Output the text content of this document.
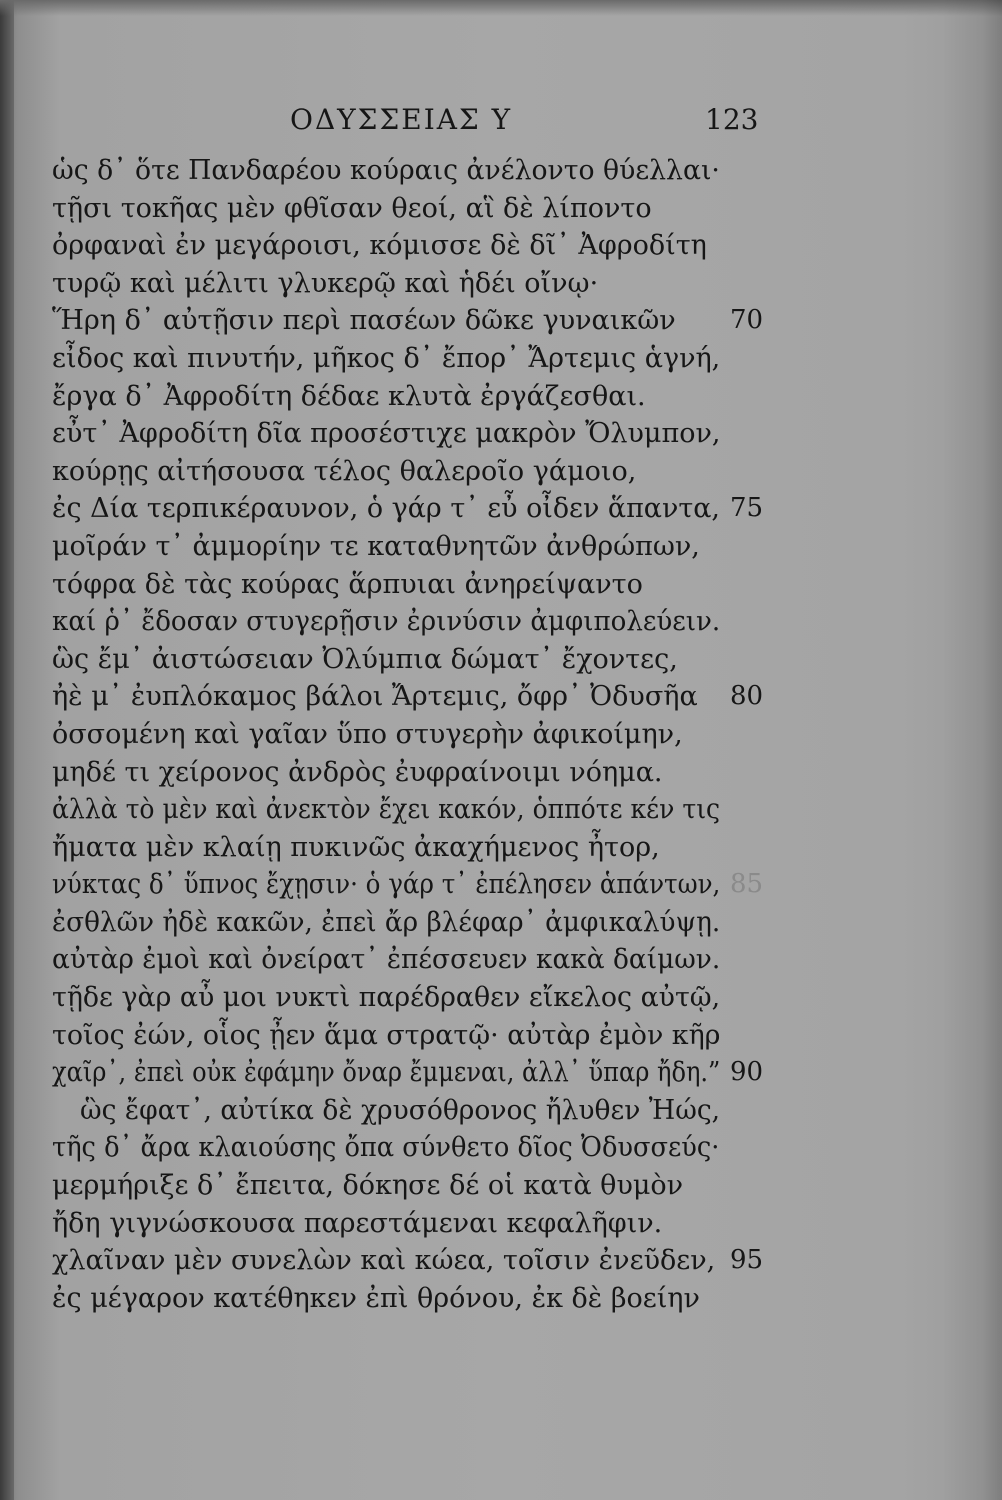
ΟΔΥΣΣΕΙΑΣ Υ	123
ὡς δ᾽ ὅτε Πανδαρέου κούραις ἀνέλοντο θύελλαι·
τῇσι τοκῆας μὲν φθῖσαν θεοί, αἳ δὲ λίποντο
ὀρφαναὶ ἐν μεγάροισι, κόμισσε δὲ δῖ᾽ Ἀφροδίτη
τυρῷ καὶ μέλιτι γλυκερῷ καὶ ἡδέι οἴνῳ·
Ἥρη δ᾽ αὐτῇσιν περὶ πασέων δῶκε γυναικῶν 70
εἶδος καὶ πινυτήν, μῆκος δ᾽ ἔπορ᾽ Ἄρτεμις ἁγνή,
ἔργα δ᾽ Ἀφροδίτη δέδαε κλυτὰ ἐργάζεσθαι.
εὖτ᾽ Ἀφροδίτη δῖα προσέστιχε μακρὸν Ὄλυμπον,
κούρῃς αἰτήσουσα τέλος θαλεροῖο γάμοιο,
ἐς Δία τερπικέραυνον, ὁ γάρ τ᾽ εὖ οἶδεν ἅπαντα, 75
μοῖράν τ᾽ ἀμμορίην τε καταθνητῶν ἀνθρώπων,
τόφρα δὲ τὰς κούρας ἅρπυιαι ἀνηρείψαντο
καί ῥ᾽ ἔδοσαν στυγερῇσιν ἐρινύσιν ἀμφιπολεύειν.
ὣς ἔμ᾽ ἀιστώσειαν Ὀλύμπια δώματ᾽ ἔχοντες,
ἠὲ μ᾽ ἐυπλόκαμος βάλοι Ἄρτεμις, ὄφρ᾽ Ὀδυσῆα 80
ὀσσομένη καὶ γαῖαν ὕπο στυγερὴν ἀφικοίμην,
μηδέ τι χείρονος ἀνδρὸς ἐυφραίνοιμι νόημα.
ἀλλὰ τὸ μὲν καὶ ἀνεκτὸν ἔχει κακόν, ὁππότε κέν τις
ἤματα μὲν κλαίῃ πυκινῶς ἀκαχήμενος ἦτορ,
νύκτας δ᾽ ὕπνος ἔχῃσιν· ὁ γάρ τ᾽ ἐπέλησεν ἁπάντων, 85
ἐσθλῶν ἠδὲ κακῶν, ἐπεὶ ἄρ βλέφαρ᾽ ἀμφικαλύψῃ.
αὐτὰρ ἐμοὶ καὶ ὀνείρατ᾽ ἐπέσσευεν κακὰ δαίμων.
τῇδε γὰρ αὖ μοι νυκτὶ παρέδραθεν εἴκελος αὐτῷ,
τοῖος ἐών, οἷος ᾖεν ἅμα στρατῷ· αὐτὰρ ἐμὸν κῆρ
χαῖρ᾽, ἐπεὶ οὐκ ἐφάμην ὄναρ ἔμμεναι, ἀλλ᾽ ὕπαρ ἤδη.” 90
ὣς ἔφατ᾽, αὐτίκα δὲ χρυσόθρονος ἤλυθεν Ἠώς,
τῆς δ᾽ ἄρα κλαιούσης ὄπα σύνθετο δῖος Ὀδυσσεύς·
μερμήριξε δ᾽ ἔπειτα, δόκησε δέ οἱ κατὰ θυμὸν
ἤδη γιγνώσκουσα παρεστάμεναι κεφαλῆφιν.
χλαῖναν μὲν συνελὼν καὶ κώεα, τοῖσιν ἐνεῦδεν, 95
ἐς μέγαρον κατέθηκεν ἐπὶ θρόνου, ἐκ δὲ βοείην
